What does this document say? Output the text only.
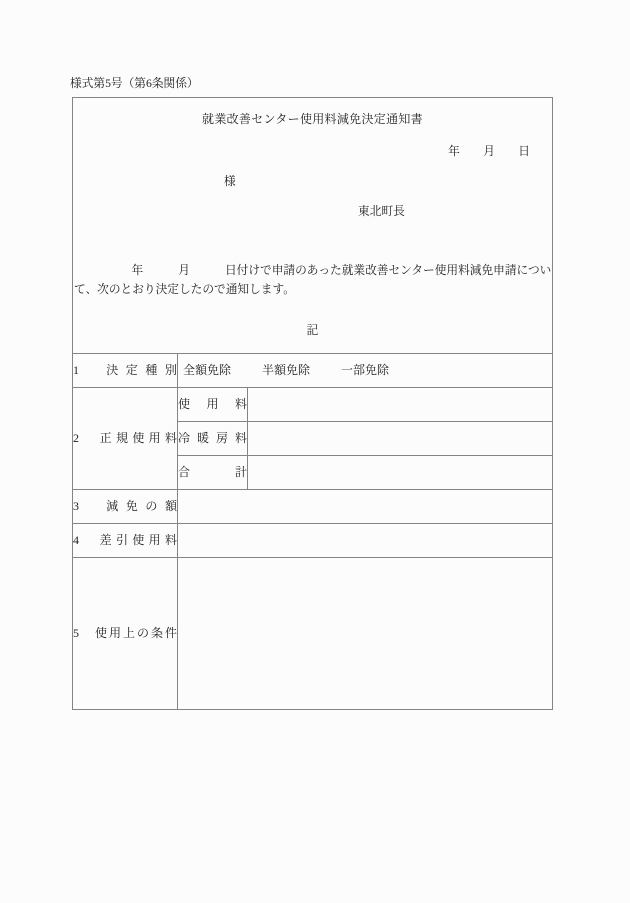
様式第5号（第6条関係）
就業改善センター使用料減免決定通知書
年　　月　　日
様
東北町長
　　　　　年　　　月　　　日付けで申請のあった就業改善センター使用料減免申請につい
て、次のとおり決定したので通知します。
記
1　決定種別	全額免除 半額免除 一部免除	

2　正規使用料	使用料	
	冷暖房料	
	合計	
3　減免の額		
4　差引使用料		
5　使用上の条件		
